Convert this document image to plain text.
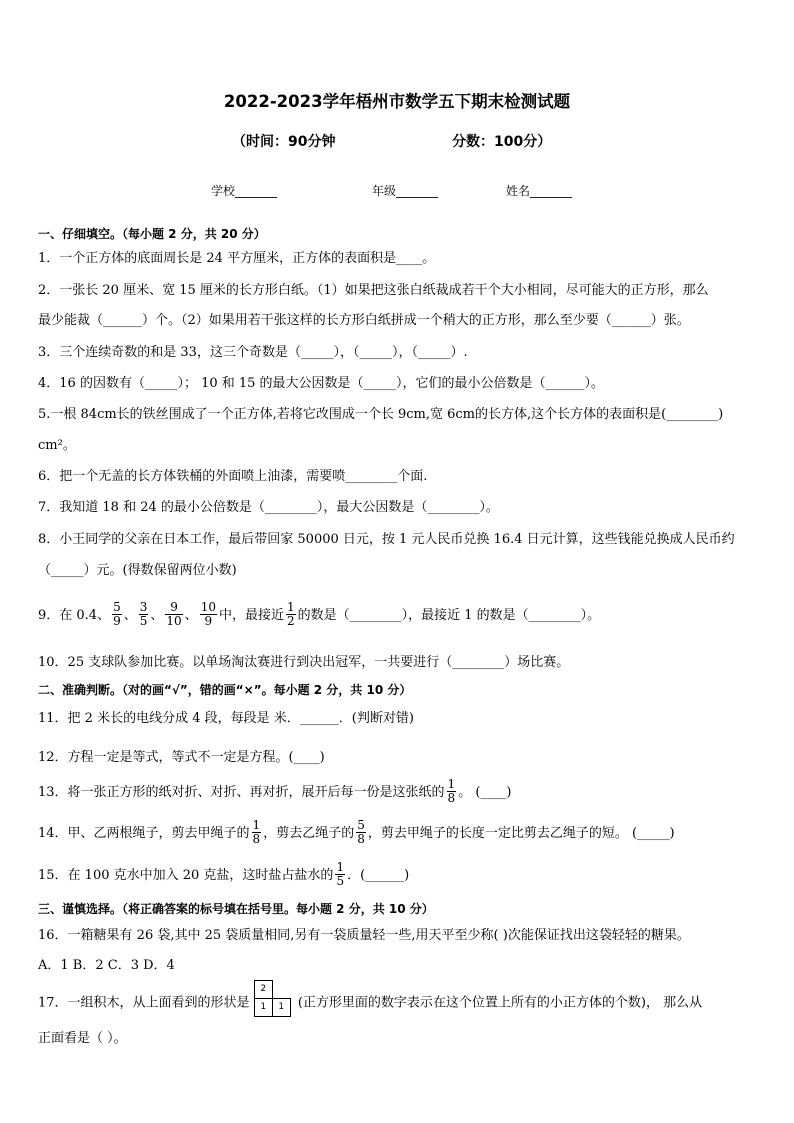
2022-2023学年梧州市数学五下期末检测试题
（时间：90分钟	分数：100分）
学校_______	年级_______	姓名_______
一、仔细填空。（每小题 2 分，共 20 分）
1．一个正方体的底面周长是 24 平方厘米，正方体的表面积是____。
2．一张长 20 厘米、宽 15 厘米的长方形白纸。（1）如果把这张白纸裁成若干个大小相同，尽可能大的正方形，那么
最少能裁（______）个。（2）如果用若干张这样的长方形白纸拼成一个稍大的正方形，那么至少要（______）张。
3．三个连续奇数的和是 33，这三个奇数是（_____），（_____），（_____）.
4．16 的因数有（_____）； 10 和 15 的最大公因数是（_____），它们的最小公倍数是（______）。
5.一根 84cm长的铁丝围成了一个正方体,若将它改围成一个长 9cm,宽 6cm的长方体,这个长方体的表面积是(________)
cm²。
6．把一个无盖的长方体铁桶的外面喷上油漆，需要喷________个面.
7．我知道 18 和 24 的最小公倍数是（________），最大公因数是（________）。
8．小王同学的父亲在日本工作，最后带回家 50000 日元，按 1 元人民币兑换 16.4 日元计算，这些钱能兑换成人民币约
（_____）元。(得数保留两位小数)
9．在 0.4、 $\frac{5}{9}$ 、 $\frac{3}{5}$ 、 $\frac{9}{10}$ 、 $\frac{10}{9}$ 中，最接近 $\frac{1}{2}$ 的数是（________），最接近 1 的数是（________）。
10．25 支球队参加比赛。以单场淘汰赛进行到决出冠军，一共要进行（________）场比赛。
二、准确判断。（对的画“√”，错的画“×”。每小题 2 分，共 10 分）
11．把 2 米长的电线分成 4 段，每段是 米．______．(判断对错)
12．方程一定是等式，等式不一定是方程。(____)
13．将一张正方形的纸对折、对折、再对折，展开后每一份是这张纸的 $\frac{1}{8}$ 。 (____)
14．甲、乙两根绳子，剪去甲绳子的 $\frac{1}{8}$ ，剪去乙绳子的 $\frac{5}{8}$ ，剪去甲绳子的长度一定比剪去乙绳子的短。 (_____)
15．在 100 克水中加入 20 克盐，这时盐占盐水的 $\frac{1}{5}$ ．(______)
三、谨慎选择。（将正确答案的标号填在括号里。每小题 2 分，共 10 分）
16．一箱糖果有 26 袋,其中 25 袋质量相同,另有一袋质量轻一些,用天平至少称( )次能保证找出这袋轻轻的糖果。
A．1 B．2 C．3 D．4
17．一组积木，从上面看到的形状是
2
1	1	(正方形里面的数字表示在这个位置上所有的小正方体的个数)， 那么从
正面看是（ ）。
